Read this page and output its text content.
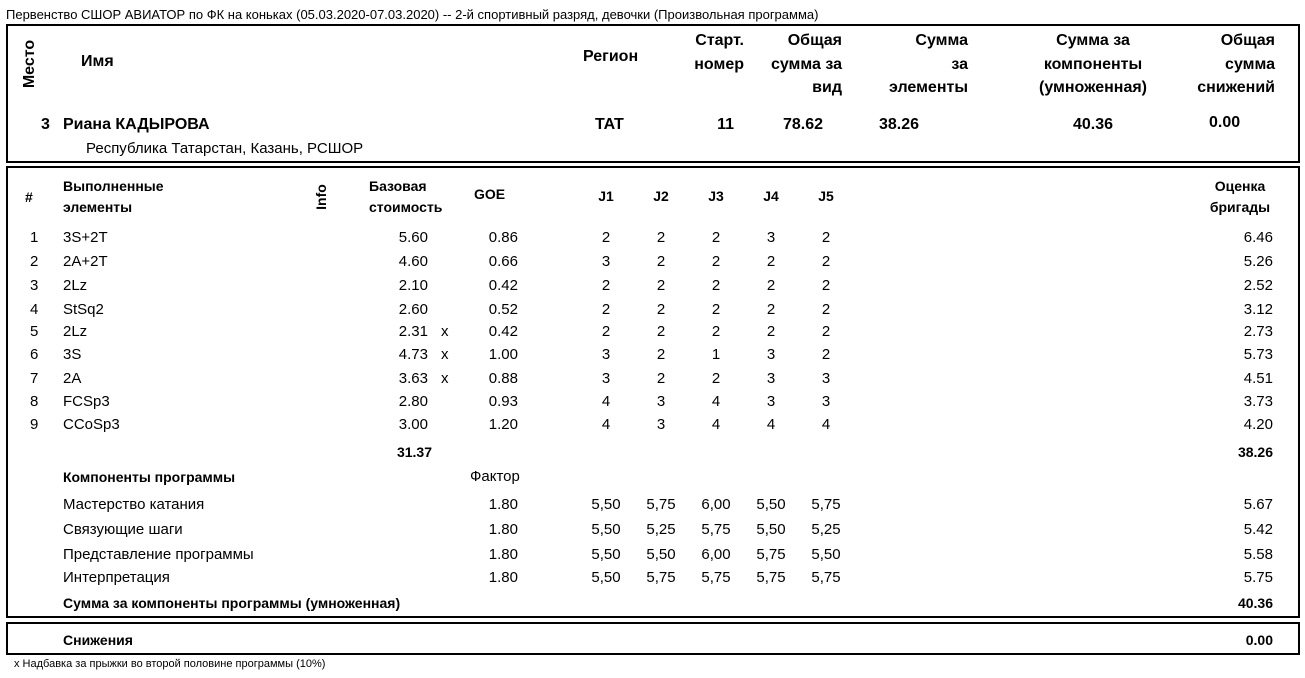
Первенство СШОР АВИАТОР по ФК на коньках (05.03.2020-07.03.2020) -- 2-й спортивный разряд, девочки (Произвольная программа)
Место	Имя	Регион
Старт.
номер
Общая
сумма за
вид
Сумма
за
элементы
Сумма за
компоненты
(умноженная)
Общая
сумма
снижений
3 Риана КАДЫРОВА	TAT	11	78.62	38.26	40.36	0.00
Республика Татарстан, Казань, РСШОР
#
Выполненные
элементы	Info	Базовая
стоимость
GOE	J1	J2	J3	J4	J5
Оценка
бригады
1 3S+2T	5.60	0.86	2	2	2	3	2	6.46
2 2A+2T	4.60	0.66	3	2	2	2	2	5.26
3 2Lz	2.10	0.42	2	2	2	2	2	2.52
4 StSq2	2.60	0.52	2	2	2	2	2	3.12
5 2Lz	2.31 x	0.42	2	2	2	2	2	2.73
6 3S	4.73 x	1.00	3	2	1	3	2	5.73
7 2A	3.63 x	0.88	3	2	2	3	3	4.51
8 FCSp3	2.80	0.93	4	3	4	3	3	3.73
9 CCoSp3	3.00	1.20	4	3	4	4	4	4.20
31.37	38.26
Компоненты программы	Фактор
Мастерство катания	1.80	5,50	5,75	6,00	5,50	5,75	5.67
Связующие шаги	1.80	5,50	5,25	5,75	5,50	5,25	5.42
Представление программы	1.80	5,50	5,50	6,00	5,75	5,50	5.58
Интерпретация	1.80	5,50	5,75	5,75	5,75	5,75	5.75
Сумма за компоненты программы (умноженная)	40.36
Снижения	0.00
x Надбавка за прыжки во второй половине программы (10%)
